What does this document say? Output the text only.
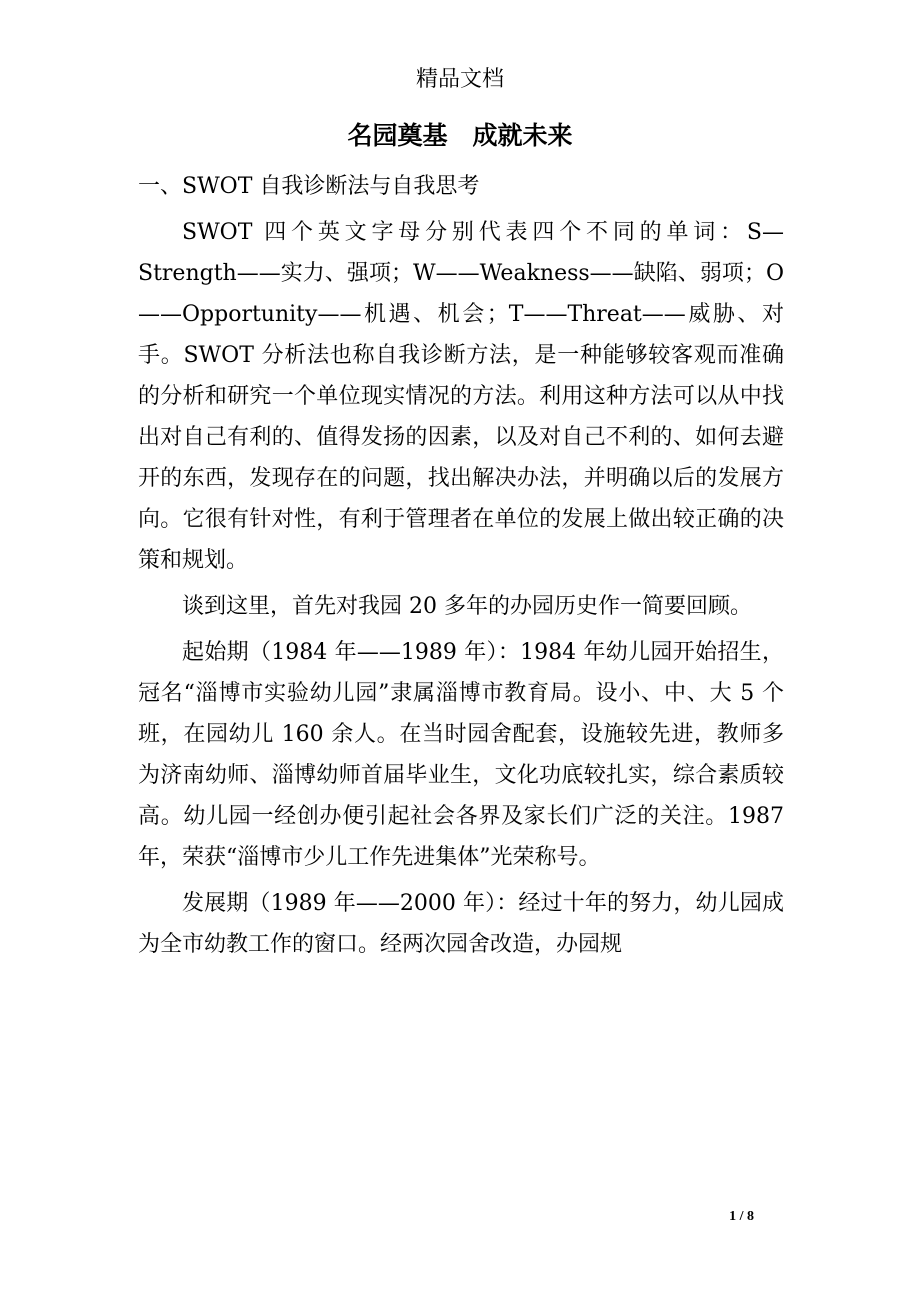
精品文档
名园奠基　成就未来

一、SWOT 自我诊断法与自我思考

SWOT 四个英文字母分别代表四个不同的单词：S—Strength——实力、强项；W——Weakness——缺陷、弱项；O——Opportunity——机遇、机会；T——Threat——威胁、对手。SWOT 分析法也称自我诊断方法，是一种能够较客观而准确的分析和研究一个单位现实情况的方法。利用这种方法可以从中找出对自己有利的、值得发扬的因素，以及对自己不利的、如何去避开的东西，发现存在的问题，找出解决办法，并明确以后的发展方向。它很有针对性，有利于管理者在单位的发展上做出较正确的决策和规划。

谈到这里，首先对我园 20 多年的办园历史作一简要回顾。

起始期（1984 年——1989 年）：1984 年幼儿园开始招生，冠名“淄博市实验幼儿园”隶属淄博市教育局。设小、中、大 5 个班，在园幼儿 160 余人。在当时园舍配套，设施较先进，教师多为济南幼师、淄博幼师首届毕业生，文化功底较扎实，综合素质较高。幼儿园一经创办便引起社会各界及家长们广泛的关注。1987 年，荣获“淄博市少儿工作先进集体”光荣称号。

发展期（1989 年——2000 年）：经过十年的努力，幼儿园成为全市幼教工作的窗口。经两次园舍改造，办园规

1 / 8
